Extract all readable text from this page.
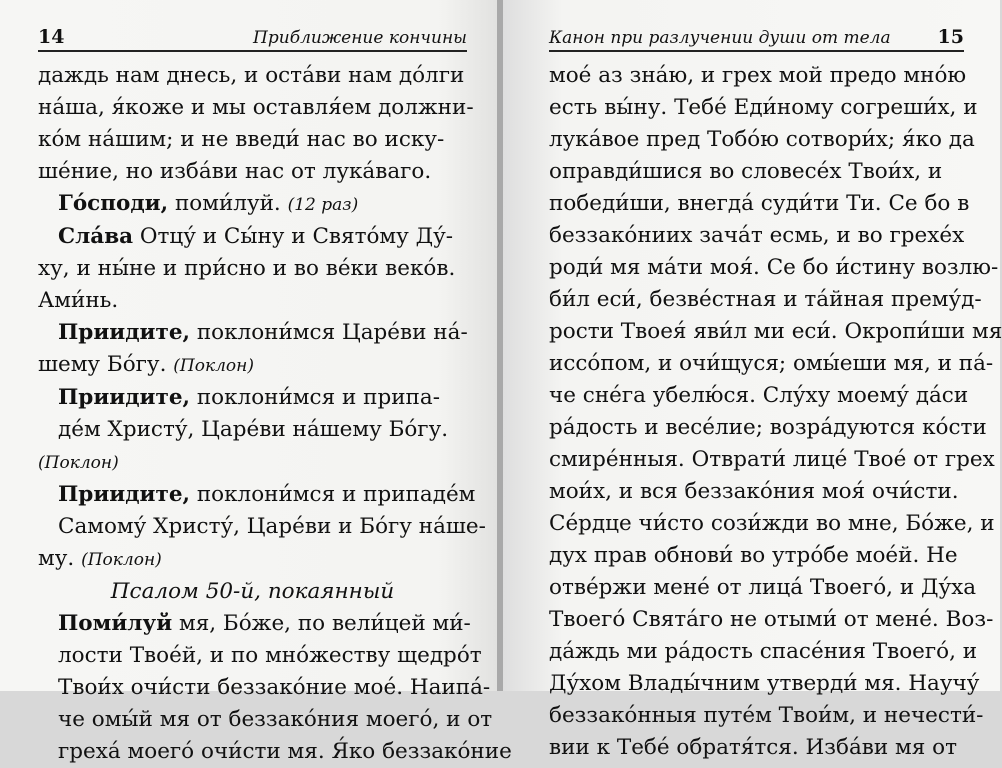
14	Приближение кончины

даждь нам днесь, и оста́ви нам до́лги
на́ша, я́коже и мы оставля́ем должни-
ко́м на́шим; и не введи́ нас во иску-
ше́ние, но изба́ви нас от лука́ваго.

Го́споди, поми́луй. (12 раз)

Сла́ва Отцу́ и Сы́ну и Свято́му Ду́-
ху, и ны́не и при́сно и во ве́ки веко́в.
Ами́нь.

Приидите, поклони́мся Царе́ви на́-
шему Бо́гу. (Поклон)

Приидите, поклони́мся и припа-
де́м Христу́, Царе́ви на́шему Бо́гу.
(Поклон)

Приидите, поклони́мся и припаде́м
Самому́ Христу́, Царе́ви и Бо́гу на́ше-
му. (Поклон)

Псалом 50-й, покаянный

Поми́луй мя, Бо́же, по вели́цей ми́-
лости Твое́й, и по мно́жеству щедро́т
Твои́х очи́сти беззако́ние мое́. Наипа́-
че омы́й мя от беззако́ния моего́, и от
греха́ моего́ очи́сти мя. Я́ко беззако́ние

Канон при разлучении души от тела 15

мое́ аз зна́ю, и грех мой предо мно́ю
есть вы́ну. Тебе́ Еди́ному согреши́х, и
лука́вое пред Тобо́ю сотвори́х; я́ко да
оправди́шися во словесе́х Твои́х, и
победи́ши, внегда́ суди́ти Ти. Се бо в
беззако́ниих зача́т есмь, и во грехе́х
роди́ мя ма́ти моя́. Се бо и́стину возлю-
би́л еси́, безве́стная и та́йная прему́д-
рости Твоея́ яви́л ми еси́. Окропи́ши мя
иссо́пом, и очи́щуся; омы́еши мя, и па́-
че сне́га убелю́ся. Слу́ху моему́ да́си
ра́дость и весе́лие; возра́дуются ко́сти
смире́нныя. Отврати́ лице́ Твое́ от грех
мои́х, и вся беззако́ния моя́ очи́сти.
Се́рдце чи́сто сози́жди во мне, Бо́же, и
дух прав обнови́ во утро́бе мое́й. Не
отве́ржи мене́ от лица́ Твоего́, и Ду́ха
Твоего́ Свята́го не отыми́ от мене́. Воз-
да́ждь ми ра́дость спасе́ния Твоего́, и
Ду́хом Влады́чним утверди́ мя. Научу́
беззако́нныя путе́м Твои́м, и нечести́-
вии к Тебе́ обратя́тся. Изба́ви мя от
